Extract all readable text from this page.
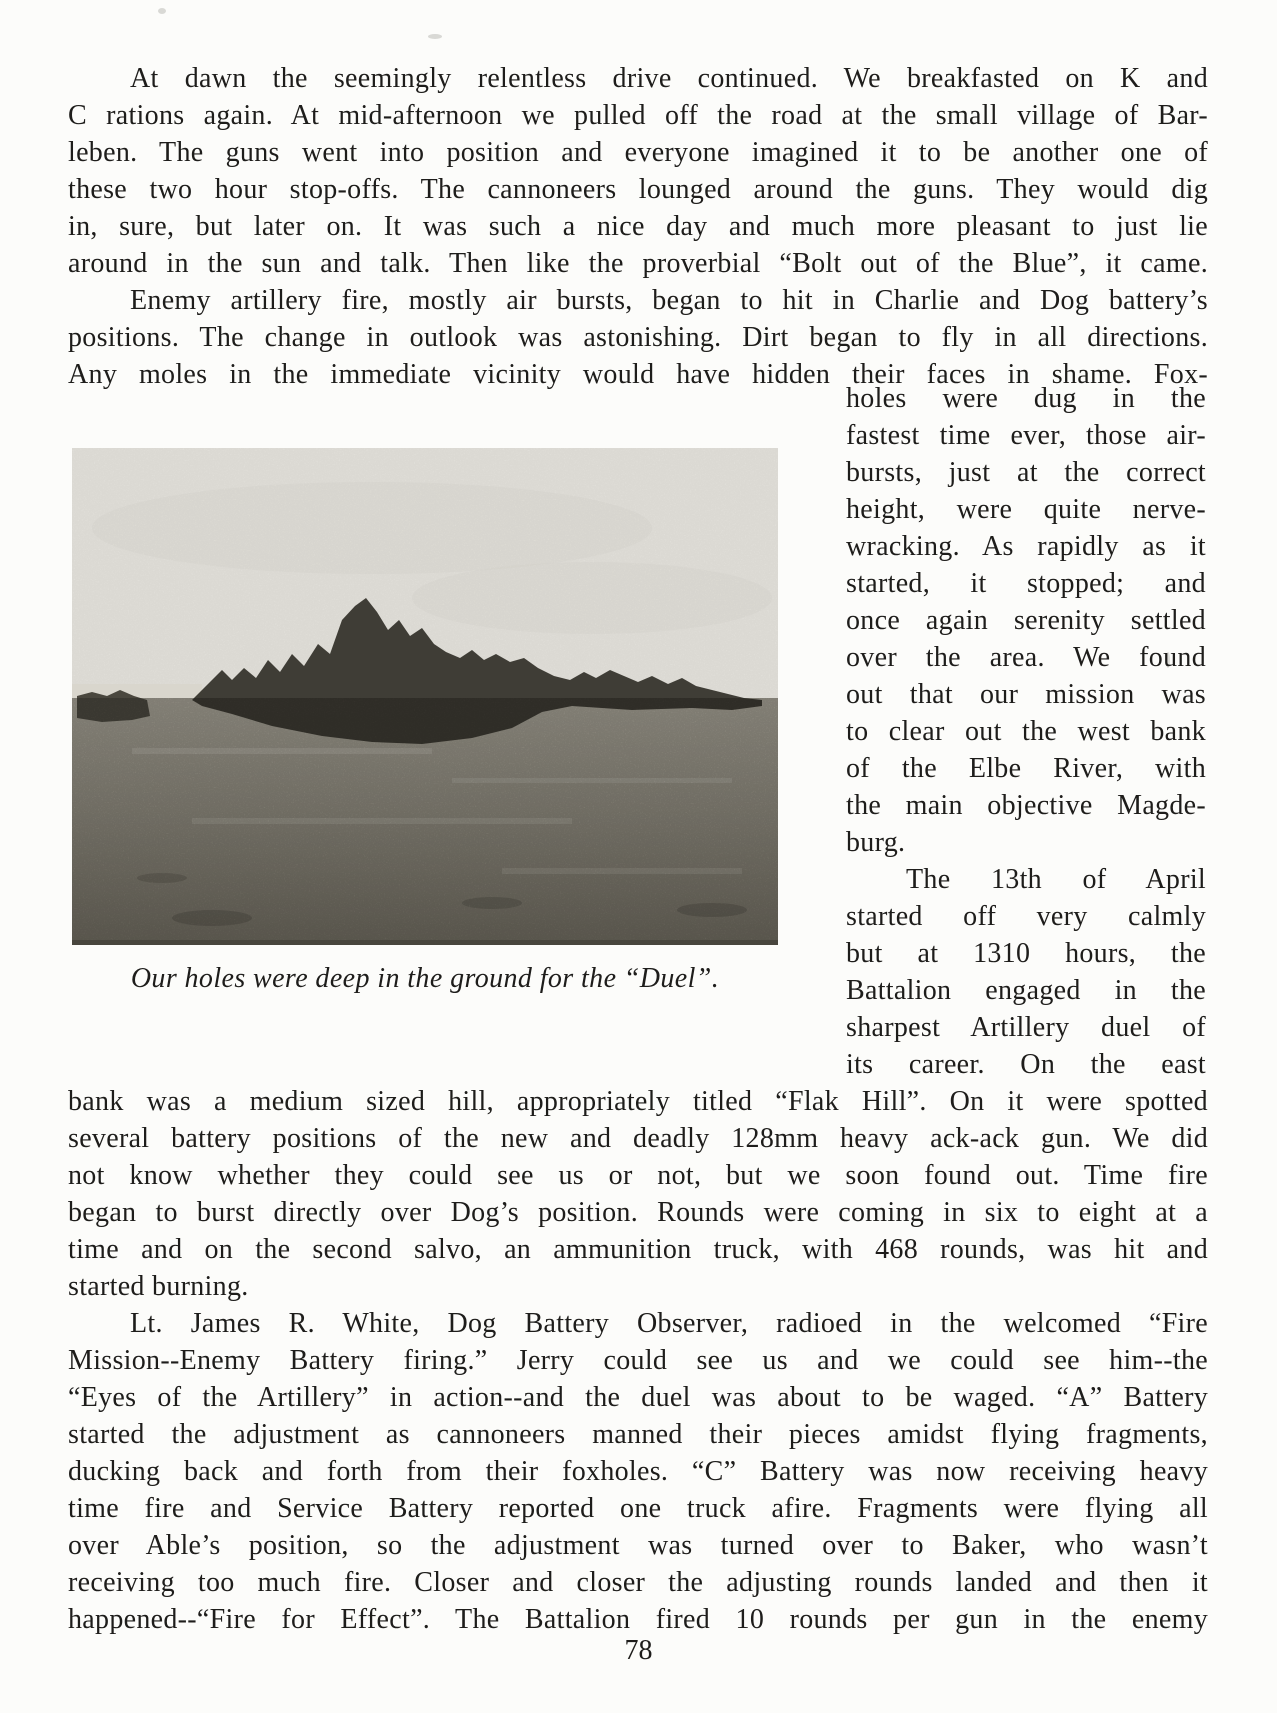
At dawn the seemingly relentless drive continued. We breakfasted on K and
C rations again. At mid-afternoon we pulled off the road at the small village of Bar-
leben. The guns went into position and everyone imagined it to be another one of
these two hour stop-offs. The cannoneers lounged around the guns. They would dig
in, sure, but later on. It was such a nice day and much more pleasant to just lie
around in the sun and talk. Then like the proverbial “Bolt out of the Blue”, it came.
Enemy artillery fire, mostly air bursts, began to hit in Charlie and Dog battery’s
positions. The change in outlook was astonishing. Dirt began to fly in all directions.
Any moles in the immediate vicinity would have hidden their faces in shame. Fox-
Our holes were deep in the ground for the “Duel”.
holes were dug in the
fastest time ever, those air-
bursts, just at the correct
height, were quite nerve-
wracking. As rapidly as it
started, it stopped; and
once again serenity settled
over the area. We found
out that our mission was
to clear out the west bank
of the Elbe River, with
the main objective Magde-
burg.
The 13th of April
started off very calmly
but at 1310 hours, the
Battalion engaged in the
sharpest Artillery duel of
its career. On the east
bank was a medium sized hill, appropriately titled “Flak Hill”. On it were spotted
several battery positions of the new and deadly 128mm heavy ack-ack gun. We did
not know whether they could see us or not, but we soon found out. Time fire
began to burst directly over Dog’s position. Rounds were coming in six to eight at a
time and on the second salvo, an ammunition truck, with 468 rounds, was hit and
started burning.
Lt. James R. White, Dog Battery Observer, radioed in the welcomed “Fire
Mission--Enemy Battery firing.” Jerry could see us and we could see him--the
“Eyes of the Artillery” in action--and the duel was about to be waged. “A” Battery
started the adjustment as cannoneers manned their pieces amidst flying fragments,
ducking back and forth from their foxholes. “C” Battery was now receiving heavy
time fire and Service Battery reported one truck afire. Fragments were flying all
over Able’s position, so the adjustment was turned over to Baker, who wasn’t
receiving too much fire. Closer and closer the adjusting rounds landed and then it
happened--“Fire for Effect”. The Battalion fired 10 rounds per gun in the enemy
78
